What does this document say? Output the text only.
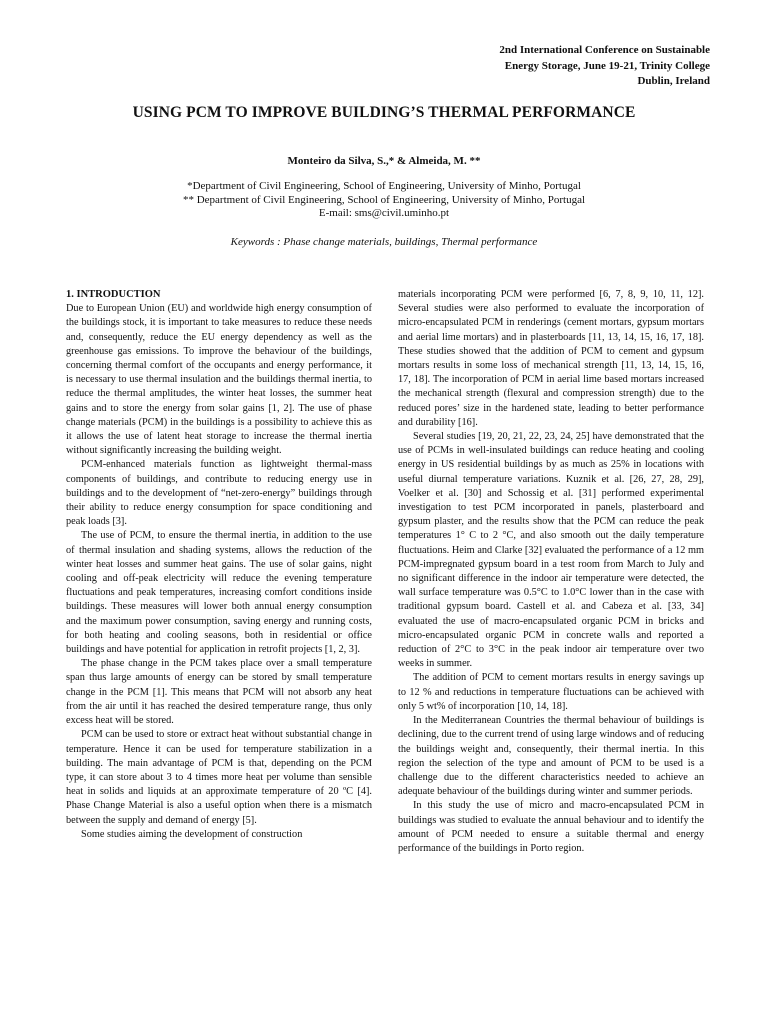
2nd International Conference on Sustainable
Energy Storage, June 19-21, Trinity College
Dublin, Ireland
USING PCM TO IMPROVE BUILDING’S THERMAL PERFORMANCE
Monteiro da Silva, S.,* & Almeida, M. **
*Department of Civil Engineering, School of Engineering, University of Minho, Portugal
** Department of Civil Engineering, School of Engineering, University of Minho, Portugal
E-mail: sms@civil.uminho.pt
Keywords : Phase change materials, buildings, Thermal performance
1. INTRODUCTION

Due to European Union (EU) and worldwide high energy consumption of the buildings stock, it is important to take measures to reduce these needs and, consequently, reduce the EU energy dependency as well as the greenhouse gas emissions. To improve the behaviour of the buildings, concerning thermal comfort of the occupants and energy performance, it is necessary to use thermal insulation and the buildings thermal inertia, to reduce the thermal amplitudes, the winter heat losses, the summer heat gains and to store the energy from solar gains [1, 2]. The use of phase change materials (PCM) in the buildings is a possibility to achieve this as it allows the use of latent heat storage to increase the thermal inertia without significantly increasing the building weight.

PCM-enhanced materials function as lightweight thermal-mass components of buildings, and contribute to reducing energy use in buildings and to the development of “net-zero-energy” buildings through their ability to reduce energy consumption for space conditioning and peak loads [3].

The use of PCM, to ensure the thermal inertia, in addition to the use of thermal insulation and shading systems, allows the reduction of the winter heat losses and summer heat gains. The use of solar gains, night cooling and off-peak electricity will reduce the evening temperature fluctuations and peak temperatures, increasing comfort conditions inside buildings. These measures will lower both annual energy consumption and the maximum power consumption, saving energy and running costs, for both heating and cooling seasons, both in residential or office buildings and have potential for application in retrofit projects [1, 2, 3].

The phase change in the PCM takes place over a small temperature span thus large amounts of energy can be stored by small temperature change in the PCM [1]. This means that PCM will not absorb any heat from the air until it has reached the desired temperature range, thus only excess heat will be stored.

PCM can be used to store or extract heat without substantial change in temperature. Hence it can be used for temperature stabilization in a building. The main advantage of PCM is that, depending on the PCM type, it can store about 3 to 4 times more heat per volume than sensible heat in solids and liquids at an approximate temperature of 20 ºC [4]. Phase Change Material is also a useful option when there is a mismatch between the supply and demand of energy [5].

Some studies aiming the development of construction

materials incorporating PCM were performed [6, 7, 8, 9, 10, 11, 12]. Several studies were also performed to evaluate the incorporation of micro-encapsulated PCM in renderings (cement mortars, gypsum mortars and aerial lime mortars) and in plasterboards [11, 13, 14, 15, 16, 17, 18]. These studies showed that the addition of PCM to cement and gypsum mortars results in some loss of mechanical strength [11, 13, 14, 15, 16, 17, 18]. The incorporation of PCM in aerial lime based mortars increased the mechanical strength (flexural and compression strength) due to the reduced pores’ size in the hardened state, leading to better performance and durability [16].

Several studies [19, 20, 21, 22, 23, 24, 25] have demonstrated that the use of PCMs in well-insulated buildings can reduce heating and cooling energy in US residential buildings by as much as 25% in locations with useful diurnal temperature variations. Kuznik et al. [26, 27, 28, 29], Voelker et al. [30] and Schossig et al. [31] performed experimental investigation to test PCM incorporated in panels, plasterboard and gypsum plaster, and the results show that the PCM can reduce the peak temperatures 1° C to 2 °C, and also smooth out the daily temperature fluctuations. Heim and Clarke [32] evaluated the performance of a 12 mm PCM-impregnated gypsum board in a test room from March to July and no significant difference in the indoor air temperature were detected, the wall surface temperature was 0.5°C to 1.0°C lower than in the case with traditional gypsum board. Castell et al. and Cabeza et al. [33, 34] evaluated the use of macro-encapsulated organic PCM in bricks and micro-encapsulated organic PCM in concrete walls and reported a reduction of 2°C to 3°C in the peak indoor air temperature over two weeks in summer.

The addition of PCM to cement mortars results in energy savings up to 12 % and reductions in temperature fluctuations can be achieved with only 5 wt% of incorporation [10, 14, 18].

In the Mediterranean Countries the thermal behaviour of buildings is declining, due to the current trend of using large windows and of reducing the buildings weight and, consequently, their thermal inertia. In this region the selection of the type and amount of PCM to be used is a challenge due to the different characteristics needed to achieve an adequate behaviour of the buildings during winter and summer periods.

In this study the use of micro and macro-encapsulated PCM in buildings was studied to evaluate the annual behaviour and to identify the amount of PCM needed to ensure a suitable thermal and energy performance of the buildings in Porto region.
